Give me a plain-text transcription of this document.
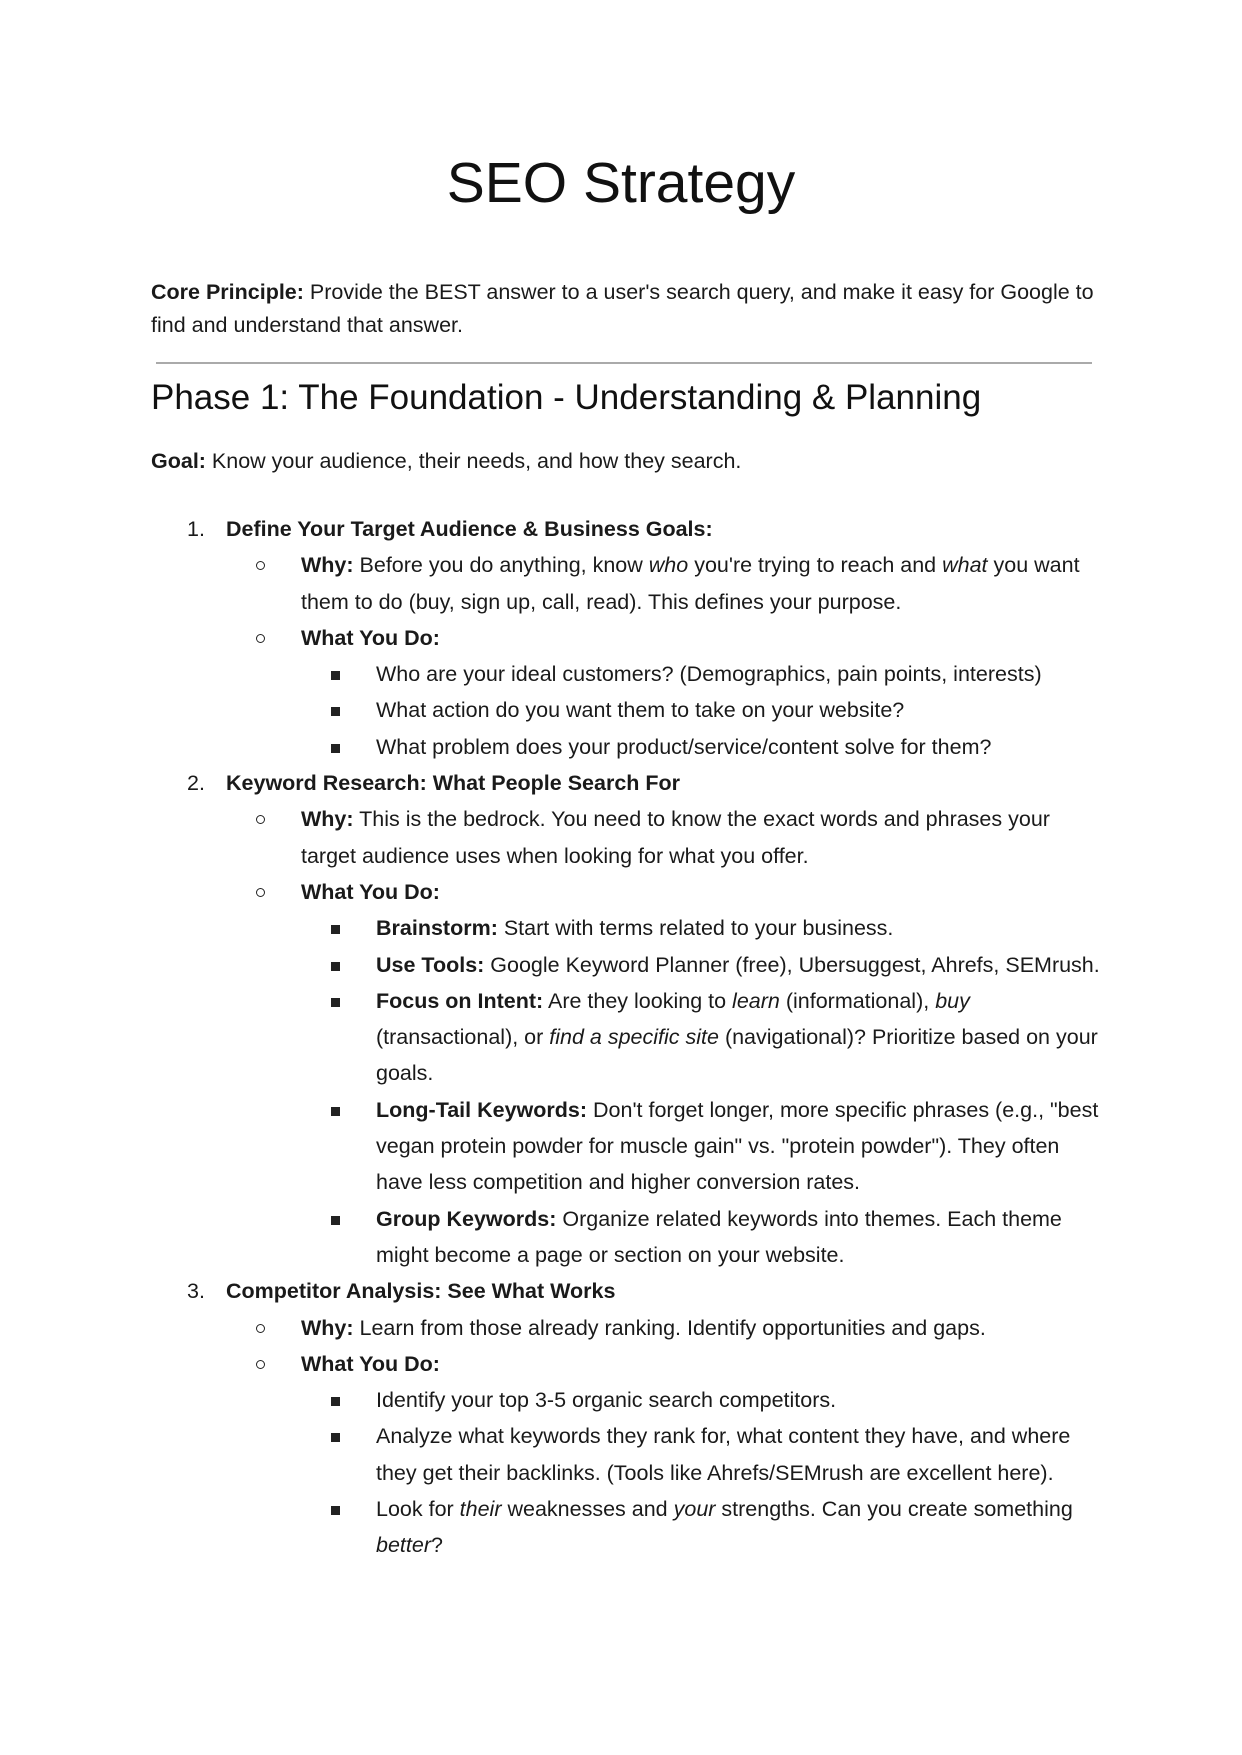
SEO Strategy

Core Principle: Provide the BEST answer to a user's search query, and make it easy for Google to find and understand that answer.

Phase 1: The Foundation - Understanding & Planning

Goal: Know your audience, their needs, and how they search.

1. Define Your Target Audience & Business Goals:
Why: Before you do anything, know who you're trying to reach and what you want them to do (buy, sign up, call, read). This defines your purpose.
What You Do:
Who are your ideal customers? (Demographics, pain points, interests)
What action do you want them to take on your website?
What problem does your product/service/content solve for them?
2. Keyword Research: What People Search For
Why: This is the bedrock. You need to know the exact words and phrases your target audience uses when looking for what you offer.
What You Do:
Brainstorm: Start with terms related to your business.
Use Tools: Google Keyword Planner (free), Ubersuggest, Ahrefs, SEMrush.
Focus on Intent: Are they looking to learn (informational), buy (transactional), or find a specific site (navigational)? Prioritize based on your goals.
Long-Tail Keywords: Don't forget longer, more specific phrases (e.g., "best vegan protein powder for muscle gain" vs. "protein powder"). They often have less competition and higher conversion rates.
Group Keywords: Organize related keywords into themes. Each theme might become a page or section on your website.
3. Competitor Analysis: See What Works
Why: Learn from those already ranking. Identify opportunities and gaps.
What You Do:
Identify your top 3-5 organic search competitors.
Analyze what keywords they rank for, what content they have, and where they get their backlinks. (Tools like Ahrefs/SEMrush are excellent here).
Look for their weaknesses and your strengths. Can you create something better?
